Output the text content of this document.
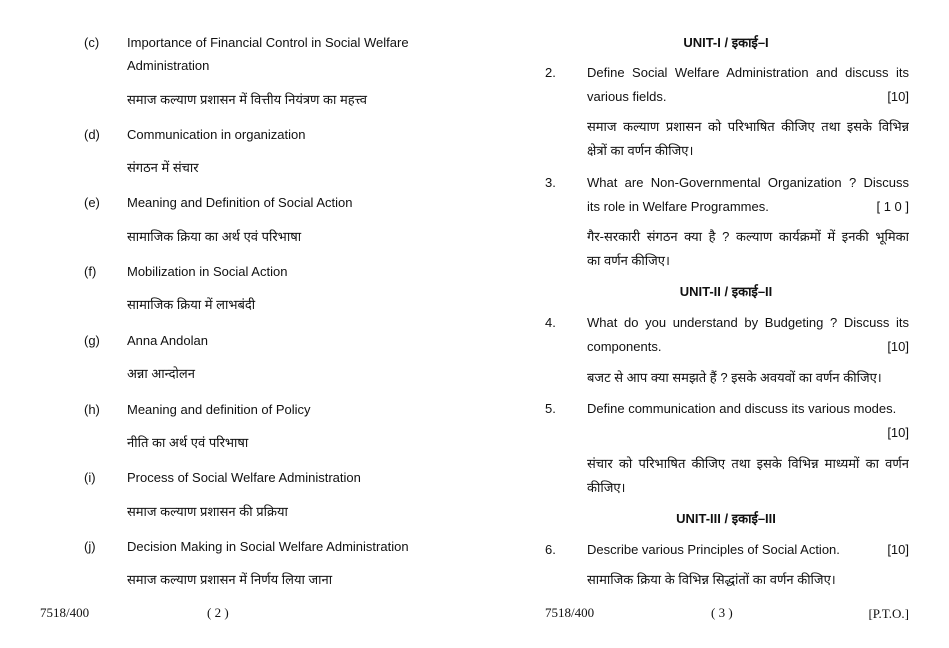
(c) Importance of Financial Control in Social Welfare
Administration
समाज कल्याण प्रशासन में वित्तीय नियंत्रण का महत्त्व
(d) Communication in organization
संगठन में संचार
(e) Meaning and Definition of Social Action
सामाजिक क्रिया का अर्थ एवं परिभाषा
(f) Mobilization in Social Action
सामाजिक क्रिया में लाभबंदी
(g) Anna Andolan
अन्ना आन्दोलन
(h) Meaning and definition of Policy
नीति का अर्थ एवं परिभाषा
(i) Process of Social Welfare Administration
समाज कल्याण प्रशासन की प्रक्रिया
(j) Decision Making in Social Welfare Administration
समाज कल्याण प्रशासन में निर्णय लिया जाना
7518/400	( 2 )
UNIT-I / इकाई–I
2. Define Social Welfare Administration and discuss its
various fields.	[10]
समाज कल्याण प्रशासन को परिभाषित कीजिए तथा इसके विभिन्न
क्षेत्रों का वर्णन कीजिए।
3. What are Non-Governmental Organization ? Discuss
its role in Welfare Programmes.	[ 1 0 ]
गैर-सरकारी संगठन क्या है ? कल्याण कार्यक्रमों में इनकी भूमिका
का वर्णन कीजिए।
UNIT-II / इकाई–II
4. What do you understand by Budgeting ? Discuss its
components.	[10]
बजट से आप क्या समझते हैं ? इसके अवयवों का वर्णन कीजिए।
5. Define communication and discuss its various modes.
[10]
संचार को परिभाषित कीजिए तथा इसके विभिन्न माध्यमों का वर्णन
कीजिए।
UNIT-III / इकाई–III
6. Describe various Principles of Social Action.	[10]
सामाजिक क्रिया के विभिन्न सिद्धांतों का वर्णन कीजिए।
7518/400	( 3 )	[P.T.O.]
